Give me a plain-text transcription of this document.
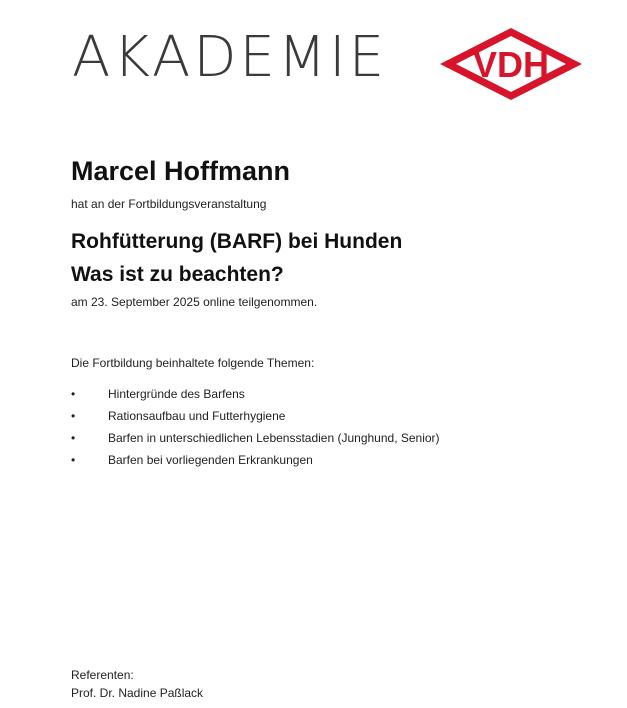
AKADEMIE VDH
Marcel Hoffmann
hat an der Fortbildungsveranstaltung
Rohfütterung (BARF) bei Hunden
Was ist zu beachten?
am 23. September 2025 online teilgenommen.
Die Fortbildung beinhaltete folgende Themen:
•	Hintergründe des Barfens
•	Rationsaufbau und Futterhygiene
•	Barfen in unterschiedlichen Lebensstadien (Junghund, Senior)
•	Barfen bei vorliegenden Erkrankungen
Referenten:
Prof. Dr. Nadine Paßlack
